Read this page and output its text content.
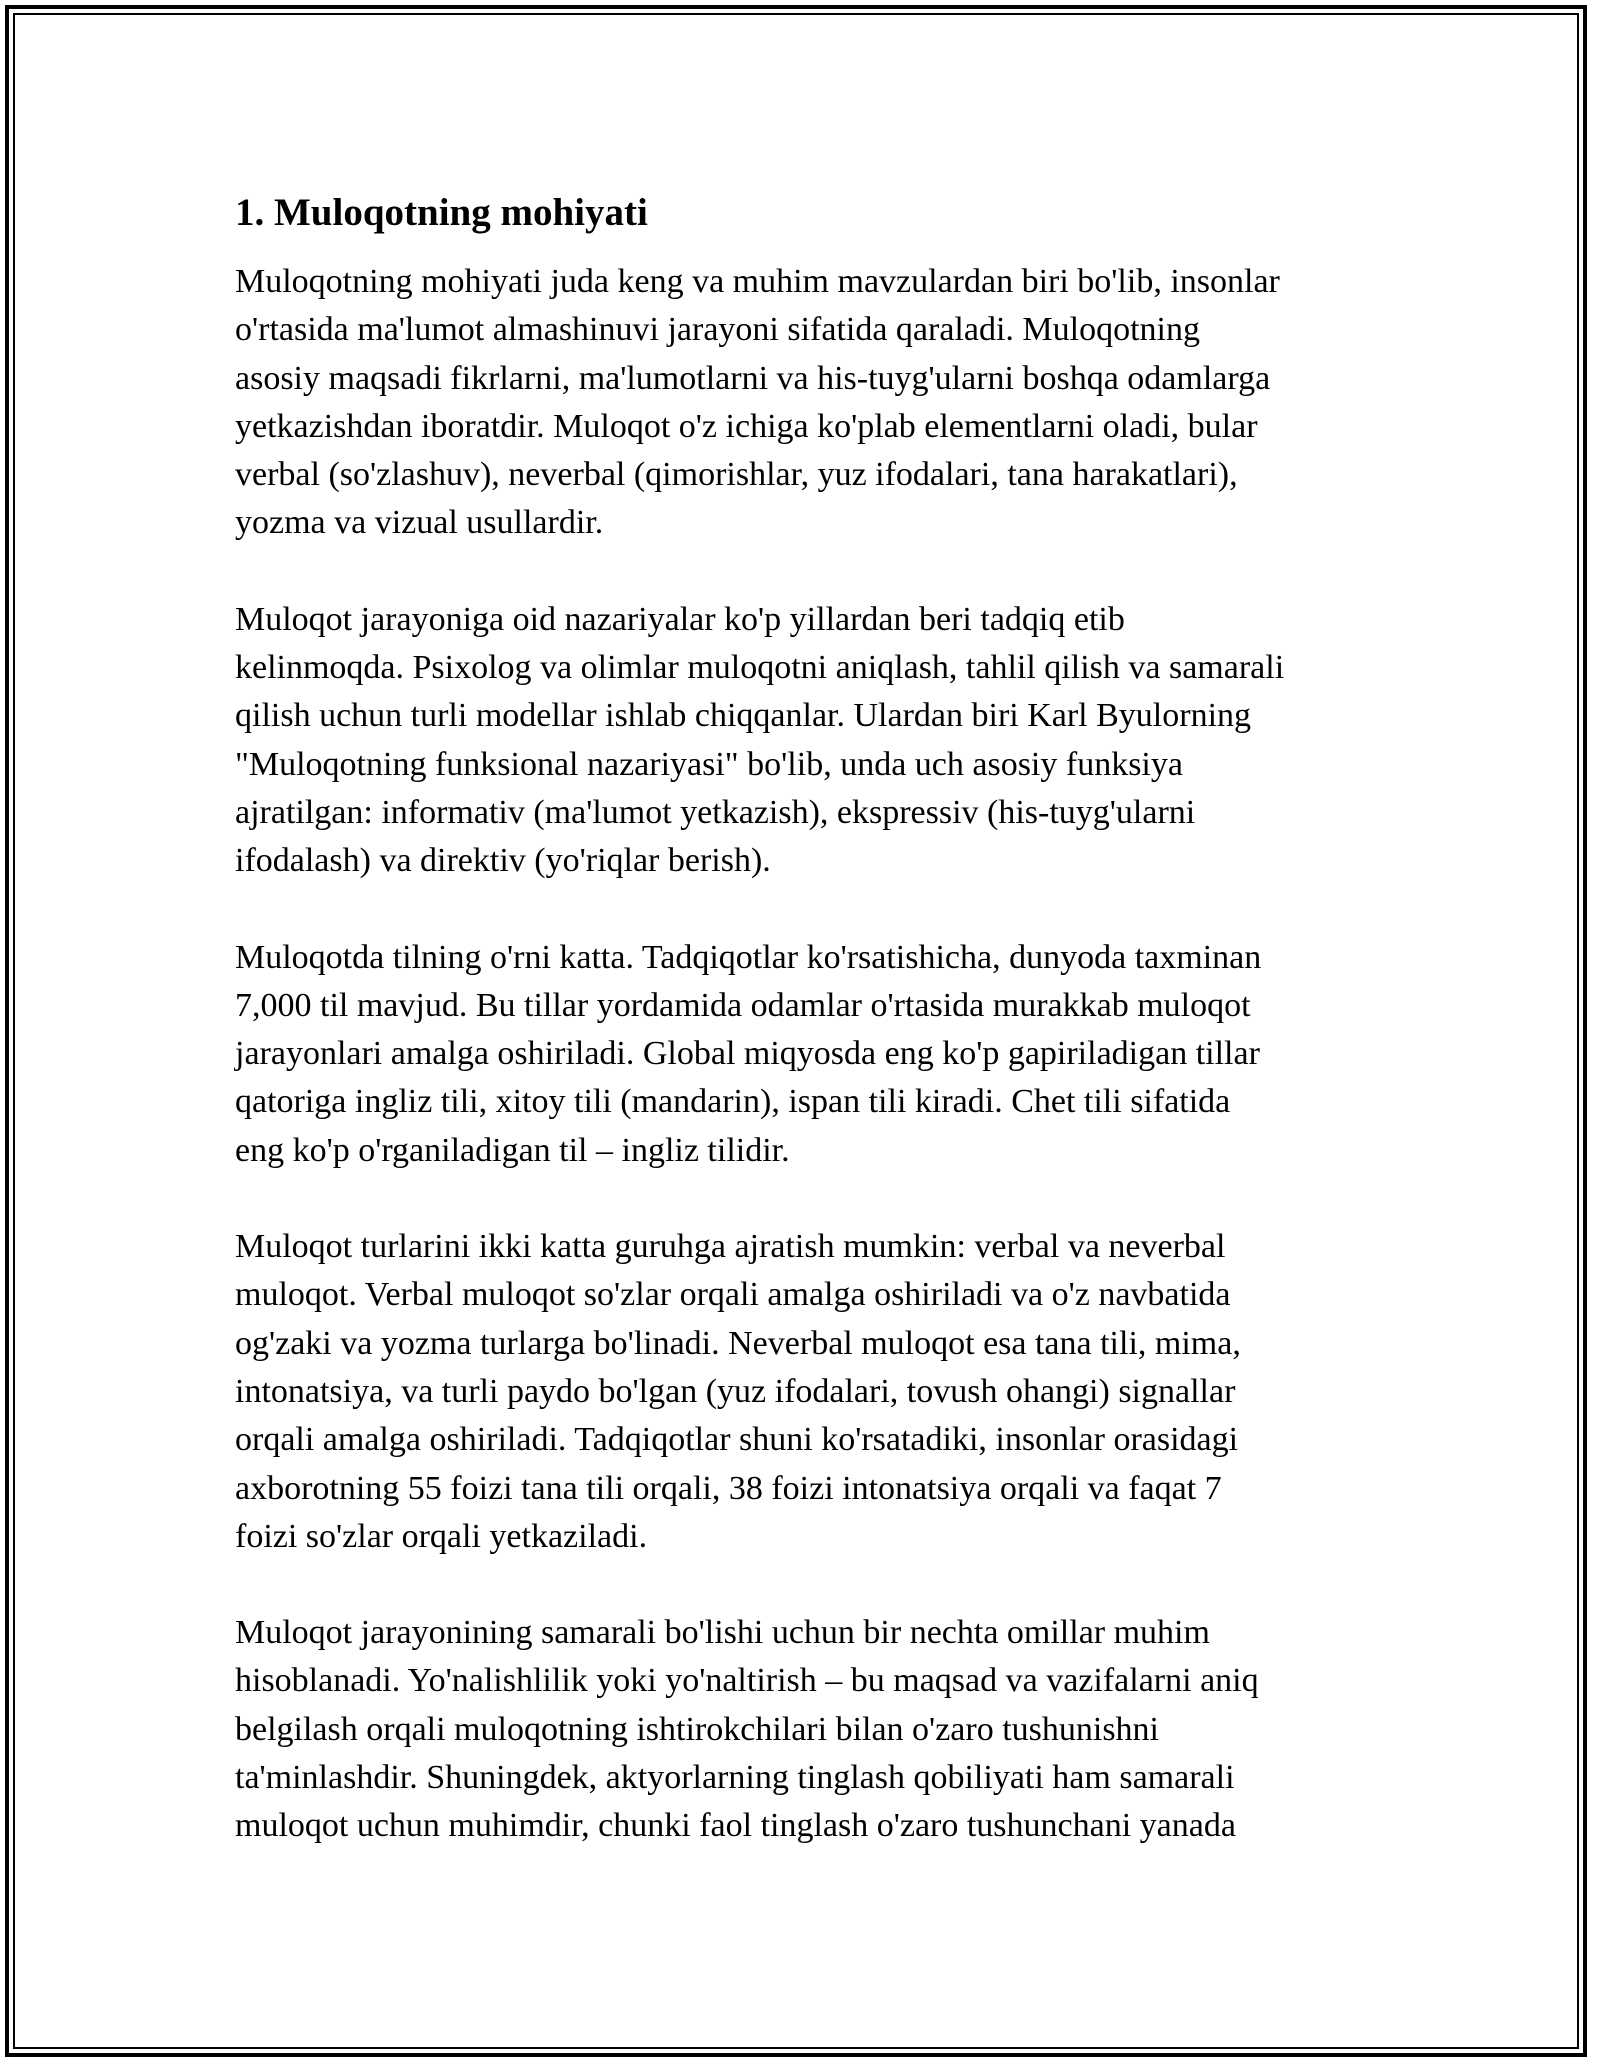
1. Muloqotning mohiyati
Muloqotning mohiyati juda keng va muhim mavzulardan biri bo'lib, insonlar
o'rtasida ma'lumot almashinuvi jarayoni sifatida qaraladi. Muloqotning
asosiy maqsadi fikrlarni, ma'lumotlarni va his-tuyg'ularni boshqa odamlarga
yetkazishdan iboratdir. Muloqot o'z ichiga ko'plab elementlarni oladi, bular
verbal (so'zlashuv), neverbal (qimorishlar, yuz ifodalari, tana harakatlari),
yozma va vizual usullardir.
Muloqot jarayoniga oid nazariyalar ko'p yillardan beri tadqiq etib
kelinmoqda. Psixolog va olimlar muloqotni aniqlash, tahlil qilish va samarali
qilish uchun turli modellar ishlab chiqqanlar. Ulardan biri Karl Byulorning
"Muloqotning funksional nazariyasi" bo'lib, unda uch asosiy funksiya
ajratilgan: informativ (ma'lumot yetkazish), ekspressiv (his-tuyg'ularni
ifodalash) va direktiv (yo'riqlar berish).
Muloqotda tilning o'rni katta. Tadqiqotlar ko'rsatishicha, dunyoda taxminan
7,000 til mavjud. Bu tillar yordamida odamlar o'rtasida murakkab muloqot
jarayonlari amalga oshiriladi. Global miqyosda eng ko'p gapiriladigan tillar
qatoriga ingliz tili, xitoy tili (mandarin), ispan tili kiradi. Chet tili sifatida
eng ko'p o'rganiladigan til – ingliz tilidir.
Muloqot turlarini ikki katta guruhga ajratish mumkin: verbal va neverbal
muloqot. Verbal muloqot so'zlar orqali amalga oshiriladi va o'z navbatida
og'zaki va yozma turlarga bo'linadi. Neverbal muloqot esa tana tili, mima,
intonatsiya, va turli paydo bo'lgan (yuz ifodalari, tovush ohangi) signallar
orqali amalga oshiriladi. Tadqiqotlar shuni ko'rsatadiki, insonlar orasidagi
axborotning 55 foizi tana tili orqali, 38 foizi intonatsiya orqali va faqat 7
foizi so'zlar orqali yetkaziladi.
Muloqot jarayonining samarali bo'lishi uchun bir nechta omillar muhim
hisoblanadi. Yo'nalishlilik yoki yo'naltirish – bu maqsad va vazifalarni aniq
belgilash orqali muloqotning ishtirokchilari bilan o'zaro tushunishni
ta'minlashdir. Shuningdek, aktyorlarning tinglash qobiliyati ham samarali
muloqot uchun muhimdir, chunki faol tinglash o'zaro tushunchani yanada
